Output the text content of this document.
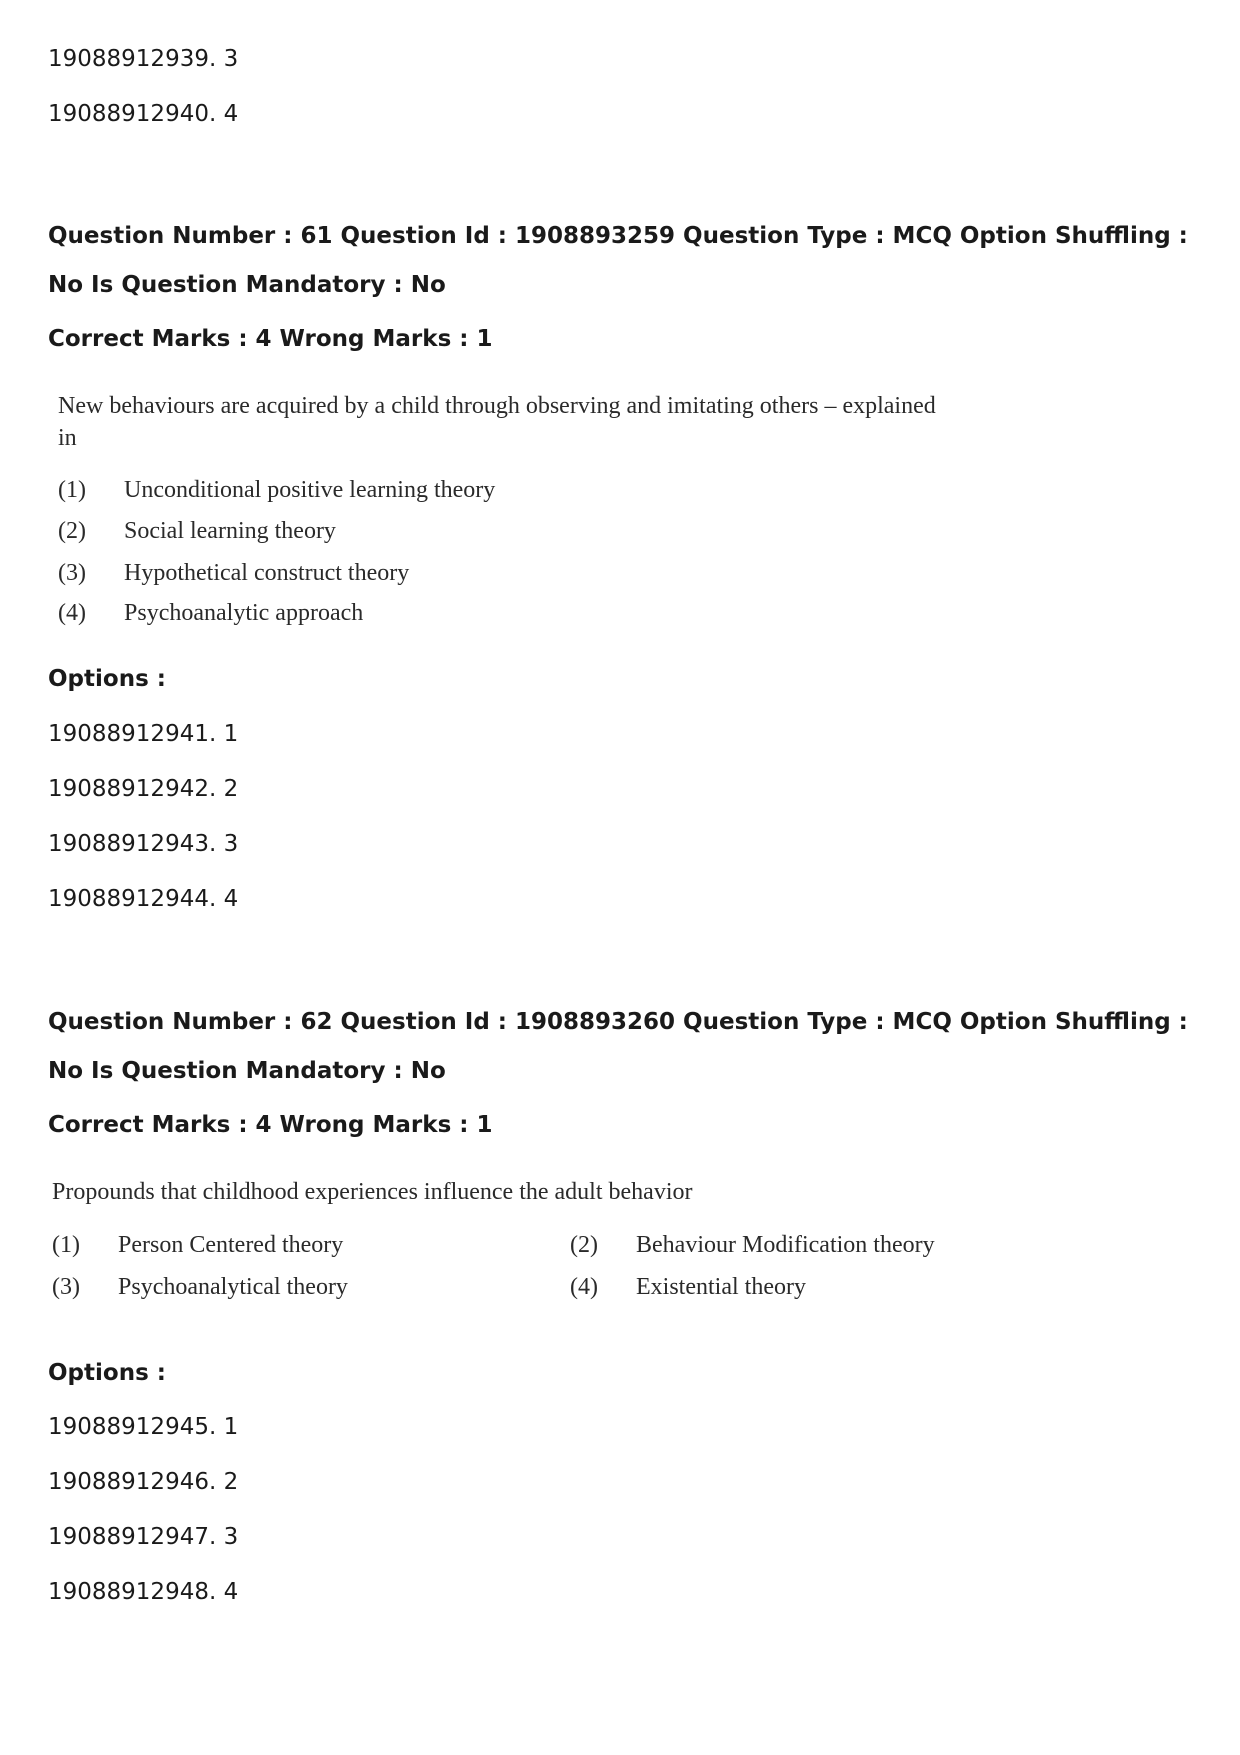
19088912939. 3
19088912940. 4
Question Number : 61 Question Id : 1908893259 Question Type : MCQ Option Shuffling : No Is Question Mandatory : No
Correct Marks : 4 Wrong Marks : 1
New behaviours are acquired by a child through observing and imitating others – explained
in
(1) Unconditional positive learning theory
(2) Social learning theory
(3) Hypothetical construct theory
(4) Psychoanalytic approach
Options :
19088912941. 1
19088912942. 2
19088912943. 3
19088912944. 4
Question Number : 62 Question Id : 1908893260 Question Type : MCQ Option Shuffling : No Is Question Mandatory : No
Correct Marks : 4 Wrong Marks : 1
Propounds that childhood experiences influence the adult behavior
(1) Person Centered theory	(2) Behaviour Modification theory
(3) Psychoanalytical theory	(4) Existential theory
Options :
19088912945. 1
19088912946. 2
19088912947. 3
19088912948. 4
